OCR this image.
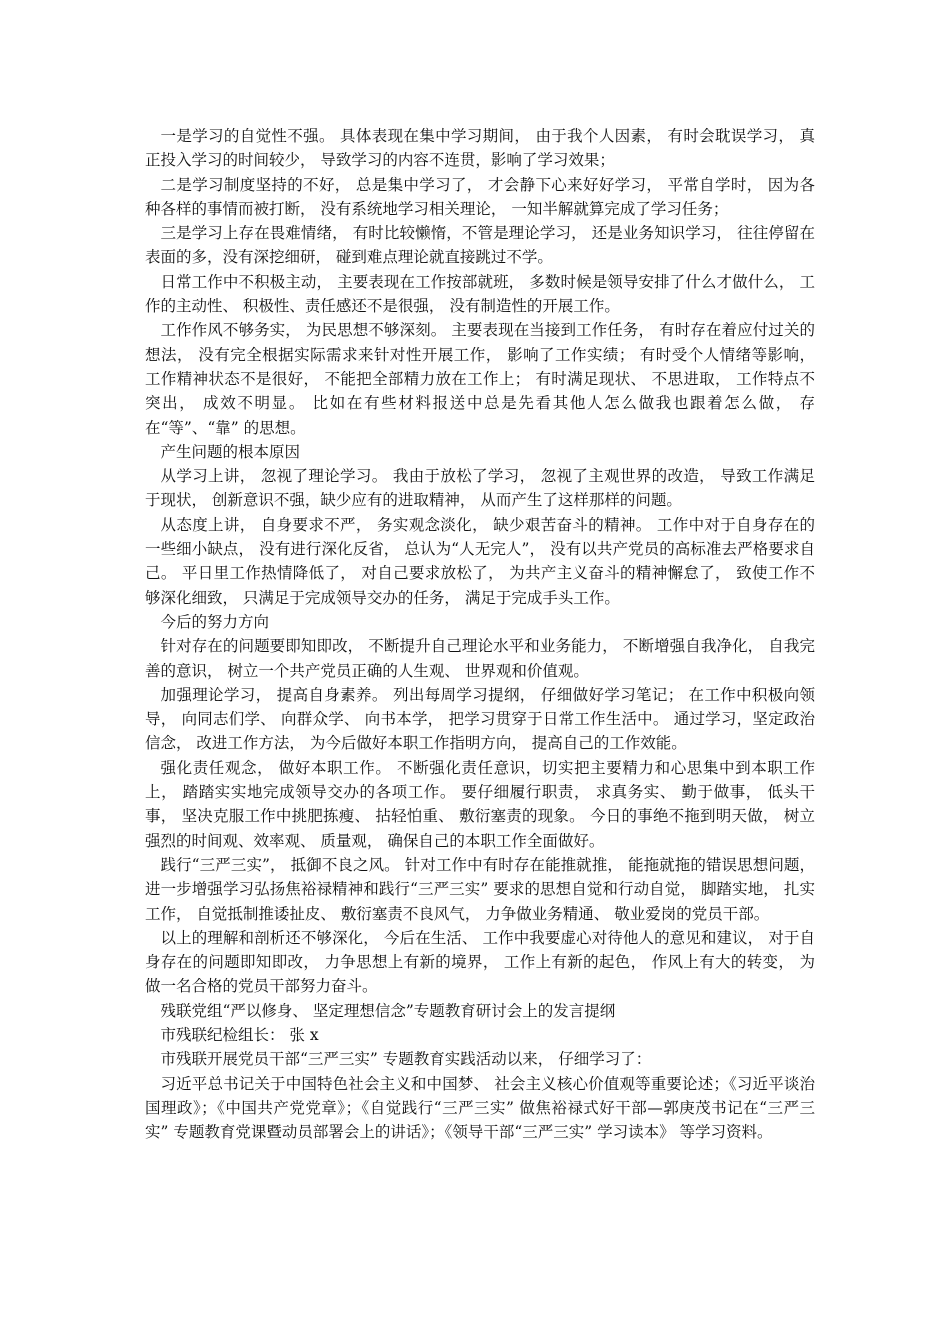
一是学习的自觉性不强。 具体表现在集中学习期间， 由于我个人因素， 有时会耽误学习， 真正投入学习的时间较少， 导致学习的内容不连贯，影响了学习效果；

二是学习制度坚持的不好， 总是集中学习了， 才会静下心来好好学习， 平常自学时， 因为各种各样的事情而被打断， 没有系统地学习相关理论， 一知半解就算完成了学习任务；

三是学习上存在畏难情绪， 有时比较懒惰，不管是理论学习， 还是业务知识学习， 往往停留在表面的多，没有深挖细研， 碰到难点理论就直接跳过不学。

日常工作中不积极主动， 主要表现在工作按部就班， 多数时候是领导安排了什么才做什么， 工作的主动性、 积极性、责任感还不是很强， 没有制造性的开展工作。

工作作风不够务实， 为民思想不够深刻。 主要表现在当接到工作任务， 有时存在着应付过关的想法， 没有完全根据实际需求来针对性开展工作， 影响了工作实绩； 有时受个人情绪等影响， 工作精神状态不是很好， 不能把全部精力放在工作上； 有时满足现状、 不思进取， 工作特点不突出， 成效不明显。 比如在有些材料报送中总是先看其他人怎么做我也跟着怎么做， 存在“等”、“靠” 的思想。

产生问题的根本原因

从学习上讲， 忽视了理论学习。 我由于放松了学习， 忽视了主观世界的改造， 导致工作满足于现状， 创新意识不强，缺少应有的进取精神， 从而产生了这样那样的问题。

从态度上讲， 自身要求不严， 务实观念淡化， 缺少艰苦奋斗的精神。 工作中对于自身存在的一些细小缺点， 没有进行深化反省， 总认为“人无完人”， 没有以共产党员的高标准去严格要求自己。 平日里工作热情降低了， 对自己要求放松了， 为共产主义奋斗的精神懈怠了， 致使工作不够深化细致， 只满足于完成领导交办的任务， 满足于完成手头工作。

今后的努力方向

针对存在的问题要即知即改， 不断提升自己理论水平和业务能力， 不断增强自我净化， 自我完善的意识， 树立一个共产党员正确的人生观、 世界观和价值观。

加强理论学习， 提高自身素养。 列出每周学习提纲， 仔细做好学习笔记； 在工作中积极向领导， 向同志们学、 向群众学、 向书本学， 把学习贯穿于日常工作生活中。 通过学习，坚定政治信念， 改进工作方法， 为今后做好本职工作指明方向， 提高自己的工作效能。

强化责任观念， 做好本职工作。 不断强化责任意识，切实把主要精力和心思集中到本职工作上， 踏踏实实地完成领导交办的各项工作。 要仔细履行职责， 求真务实、 勤于做事， 低头干事， 坚决克服工作中挑肥拣瘦、 拈轻怕重、 敷衍塞责的现象。 今日的事绝不拖到明天做， 树立强烈的时间观、效率观、 质量观， 确保自己的本职工作全面做好。

践行“三严三实”， 抵御不良之风。 针对工作中有时存在能推就推， 能拖就拖的错误思想问题， 进一步增强学习弘扬焦裕禄精神和践行“三严三实” 要求的思想自觉和行动自觉， 脚踏实地， 扎实工作， 自觉抵制推诿扯皮、 敷衍塞责不良风气， 力争做业务精通、 敬业爱岗的党员干部。

以上的理解和剖析还不够深化， 今后在生活、 工作中我要虚心对待他人的意见和建议， 对于自身存在的问题即知即改， 力争思想上有新的境界， 工作上有新的起色， 作风上有大的转变， 为做一名合格的党员干部努力奋斗。

残联党组“严以修身、 坚定理想信念”专题教育研讨会上的发言提纲

市残联纪检组长： 张 x

市残联开展党员干部“三严三实” 专题教育实践活动以来， 仔细学习了：

习近平总书记关于中国特色社会主义和中国梦、 社会主义核心价值观等重要论述；《习近平谈治国理政》；《中国共产党党章》；《自觉践行“三严三实” 做焦裕禄式好干部—郭庚茂书记在“三严三实” 专题教育党课暨动员部署会上的讲话》；《领导干部“三严三实” 学习读本》 等学习资料。
